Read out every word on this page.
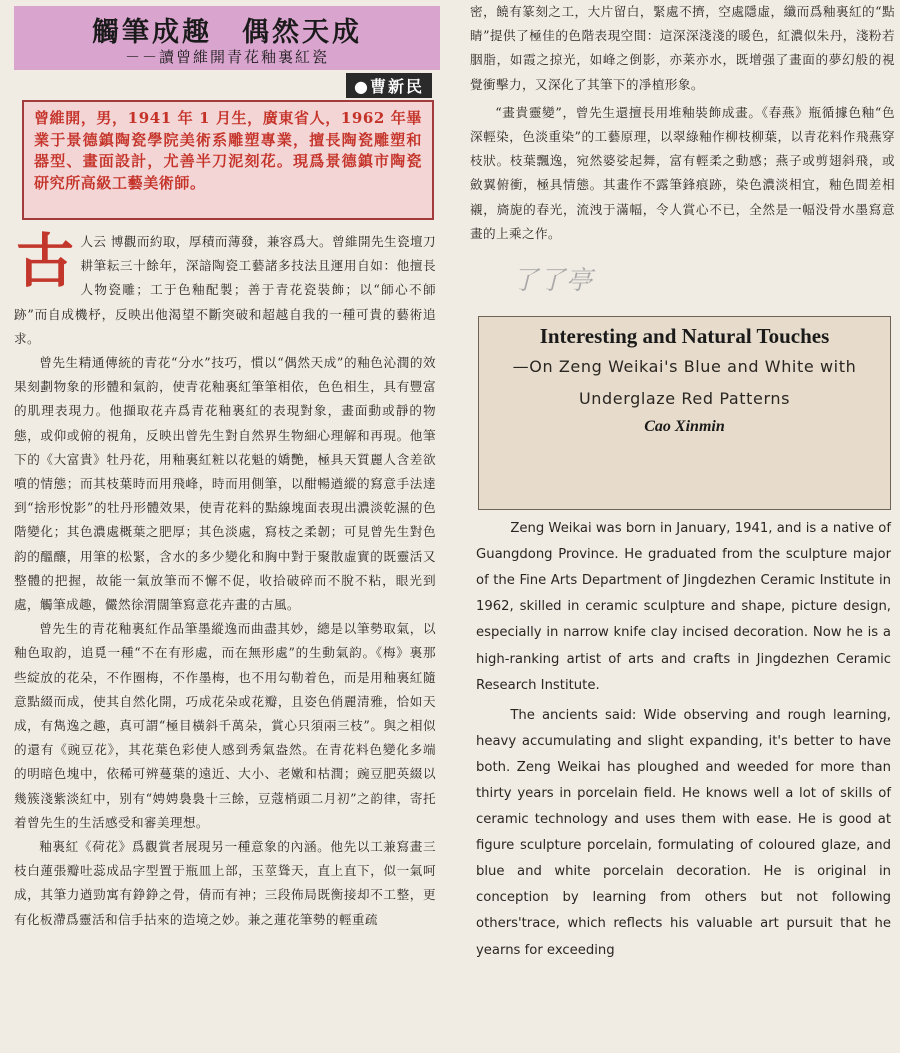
觸筆成趣　偶然天成
－－讀曾維開青花釉裏紅瓷
●曹新民

曾維開，男，1941 年 1 月生，廣東省人，1962 年畢業于景德鎮陶瓷學院美術系雕塑專業，擅長陶瓷雕塑和器型、畫面設計，尤善半刀泥刻花。現爲景德鎮市陶瓷研究所高級工藝美術師。

古人云 博觀而約取，厚積而薄發，兼容爲大。曾維開先生瓷壇刀耕筆耘三十餘年，深諳陶瓷工藝諸多技法且運用自如：他擅長人物瓷雕；工于色釉配製；善于青花瓷裝飾；以“師心不師跡”而自成機杼，反映出他渴望不斷突破和超越自我的一種可貴的藝術追求。

曾先生精通傳統的青花“分水”技巧，慣以“偶然天成”的釉色沁潤的效果刻劃物象的形體和氣韵，使青花釉裏紅筆筆相依，色色相生，具有豐富的肌理表現力。他擷取花卉爲青花釉裏紅的表現對象，畫面動或靜的物態，或仰或俯的視角，反映出曾先生對自然界生物細心理解和再現。他筆下的《大富貴》牡丹花，用釉裏紅粧以花魁的嬌艷，極具天質麗人含差欲噴的情態；而其枝葉時而用飛峰，時而用側筆，以酣暢遒縱的寫意手法達到“捨形悅影”的牡丹形體效果，使青花料的點線塊面表現出濃淡乾濕的色階變化；其色濃處概葉之肥厚；其色淡處，寫枝之柔韌；可見曾先生對色韵的醞釀，用筆的松緊，含水的多少變化和胸中對于聚散虛實的既靈活又整體的把握，故能一氣放筆而不懈不促，收拾破碎而不脫不粘，眼光到處，觸筆成趣，儼然徐渭闊筆寫意花卉畫的古風。

曾先生的青花釉裏紅作品筆墨縱逸而曲盡其妙，總是以筆勢取氣，以釉色取韵，追覓一種“不在有形處，而在無形處”的生動氣韵。《梅》裏那些綻放的花朵，不作圈梅，不作墨梅，也不用勾勒着色，而是用釉裏紅隨意點綴而成，使其自然化開，巧成花朵或花瓣，且姿色俏麗清雅，恰如天成，有雋逸之趣，真可謂“極目橫斜千萬朵，賞心只須兩三枝”。與之相似的還有《豌豆花》，其花葉色彩使人感到秀氣盎然。在青花料色變化多端的明暗色塊中，依稀可辨蔓葉的遠近、大小、老嫩和枯潤；豌豆肥英綴以幾簇淺紫淡紅中，别有“娉娉裊裊十三餘，豆蔻梢頭二月初”之韵律，寄托着曾先生的生活感受和審美理想。

釉裏紅《荷花》爲觀賞者展現另一種意象的內涵。他先以工兼寫畫三枝白蓮張瓣吐蕊成品字型置于瓶皿上部，玉莖聳天，直上直下，似一氣呵成，其筆力遒勁寓有錚錚之骨，倩而有神；三段佈局既衡接却不工整，更有化板滯爲靈活和信手拈來的造境之妙。兼之蓮花筆勢的輕重疏

密，饒有篆刻之工，大片留白，緊處不擠，空處隱虛，纖而爲釉裏紅的“點睛”提供了極佳的色階表現空間：這深深淺淺的暖色，紅濃似朱丹，淺粉若胭脂，如霞之掠光，如峰之倒影，亦莱亦水，既增强了畫面的夢幻般的視覺衝擊力，又深化了其筆下的凈植形象。

“畫貴靈變”，曾先生還擅長用堆釉裝飾成畫。《春燕》瓶循據色釉“色深輕染，色淡重染”的工藝原理，以翠綠釉作柳枝柳葉，以青花料作飛燕穿枝狀。枝葉飄逸，宛然婆娑起舞，富有輕柔之動感；燕子或剪翅斜飛，或斂翼俯衝，極具情態。其畫作不露筆鋒痕跡，染色濃淡相宜，釉色間差相襯，旖旎的春光，流洩于滿幅，令人賞心不已，全然是一幅没骨水墨寫意畫的上乘之作。

了了亭
Interesting and Natural Touches
—On Zeng Weikai's Blue and White with Underglaze Red Patterns
Cao Xinmin

Zeng Weikai was born in January, 1941, and is a native of Guangdong Province. He graduated from the sculpture major of the Fine Arts Department of Jingdezhen Ceramic Institute in 1962, skilled in ceramic sculpture and shape, picture design, especially in narrow knife clay incised decoration. Now he is a high-ranking artist of arts and crafts in Jingdezhen Ceramic Research Institute.

The ancients said: Wide observing and rough learning, heavy accumulating and slight expanding, it's better to have both. Zeng Weikai has ploughed and weeded for more than thirty years in porcelain field. He knows well a lot of skills of ceramic technology and uses them with ease. He is good at figure sculpture porcelain, formulating of coloured glaze, and blue and white porcelain decoration. He is original in conception by learning from others but not following others'trace, which reflects his valuable art pursuit that he yearns for exceeding
